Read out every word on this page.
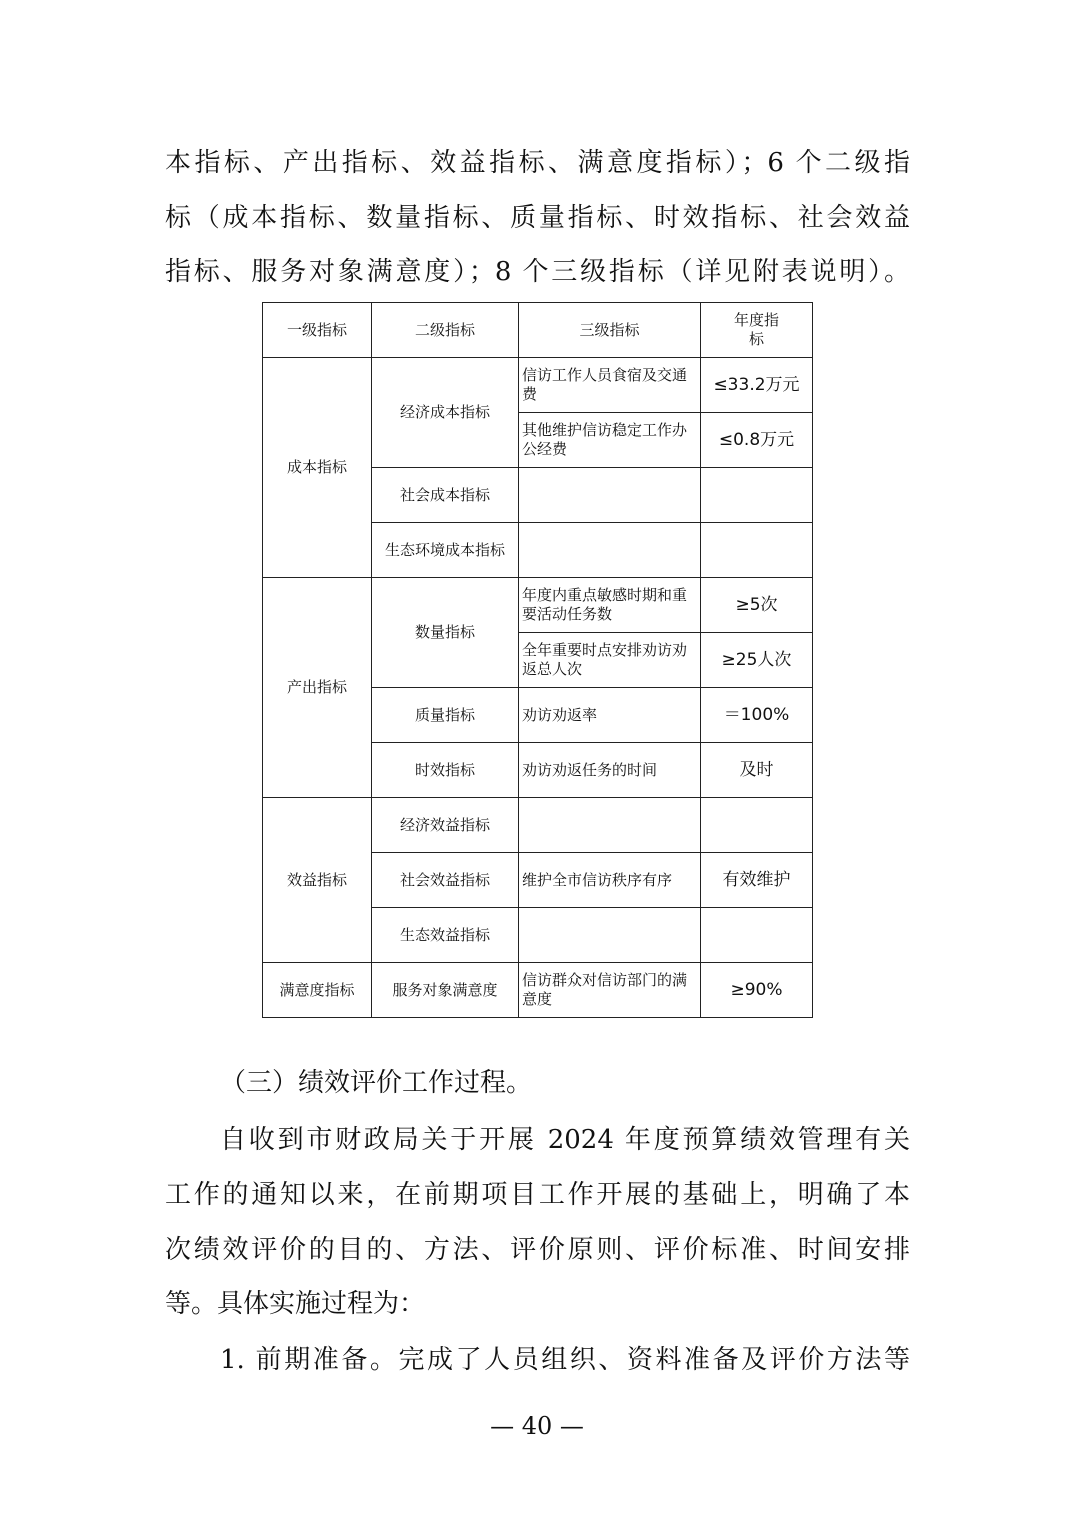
本指标、产出指标、效益指标、满意度指标）；6 个二级指
标（成本指标、数量指标、质量指标、时效指标、社会效益
指标、服务对象满意度）；8 个三级指标（详见附表说明）。
一级指标	二级指标	三级指标	年度指标
成本指标	经济成本指标	信访工作人员食宿及交通费	≤33.2万元
		其他维护信访稳定工作办公经费	≤0.8万元
	社会成本指标		
	生态环境成本指标		
产出指标	数量指标	年度内重点敏感时期和重要活动任务数	≥5次
		全年重要时点安排劝访劝返总人次	≥25人次
	质量指标	劝访劝返率	＝100%
	时效指标	劝访劝返任务的时间	及时
效益指标	经济效益指标		
	社会效益指标	维护全市信访秩序有序	有效维护
	生态效益指标		
满意度指标	服务对象满意度	信访群众对信访部门的满意度	≥90%
（三）绩效评价工作过程。
自收到市财政局关于开展 2024 年度预算绩效管理有关
工作的通知以来，在前期项目工作开展的基础上，明确了本
次绩效评价的目的、方法、评价原则、评价标准、时间安排
等。具体实施过程为：
1. 前期准备。完成了人员组织、资料准备及评价方法等
— 40 —
